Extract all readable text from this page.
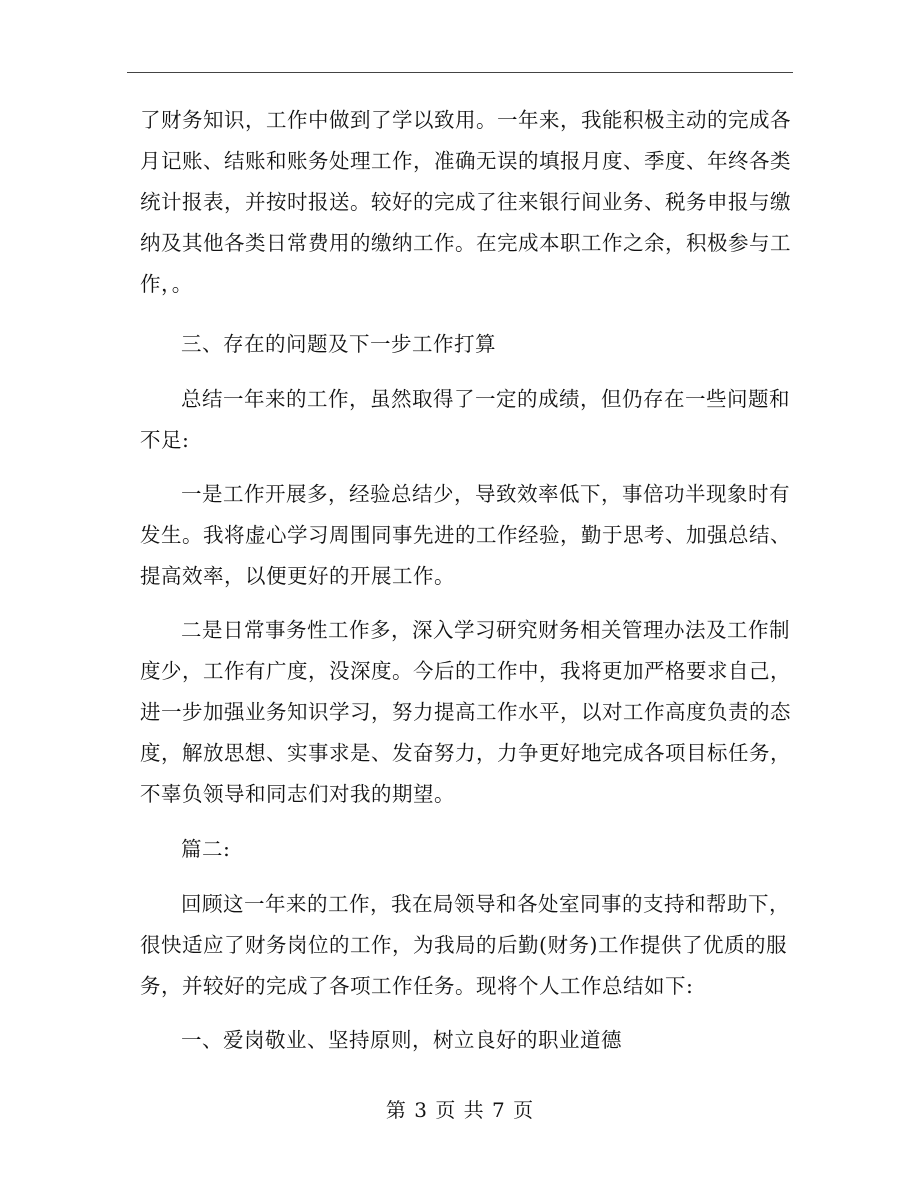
了财务知识，工作中做到了学以致用。一年来，我能积极主动的完成各月记账、结账和账务处理工作，准确无误的填报月度、季度、年终各类统计报表，并按时报送。较好的完成了往来银行间业务、税务申报与缴纳及其他各类日常费用的缴纳工作。在完成本职工作之余，积极参与工作，。

三、存在的问题及下一步工作打算

总结一年来的工作，虽然取得了一定的成绩，但仍存在一些问题和不足:

一是工作开展多，经验总结少，导致效率低下，事倍功半现象时有发生。我将虚心学习周围同事先进的工作经验，勤于思考、加强总结、提高效率，以便更好的开展工作。

二是日常事务性工作多，深入学习研究财务相关管理办法及工作制度少，工作有广度，没深度。今后的工作中，我将更加严格要求自己，进一步加强业务知识学习，努力提高工作水平，以对工作高度负责的态度，解放思想、实事求是、发奋努力，力争更好地完成各项目标任务，不辜负领导和同志们对我的期望。

篇二:

回顾这一年来的工作，我在局领导和各处室同事的支持和帮助下，很快适应了财务岗位的工作，为我局的后勤(财务)工作提供了优质的服务，并较好的完成了各项工作任务。现将个人工作总结如下:

一、爱岗敬业、坚持原则，树立良好的职业道德

第 3 页 共 7 页
